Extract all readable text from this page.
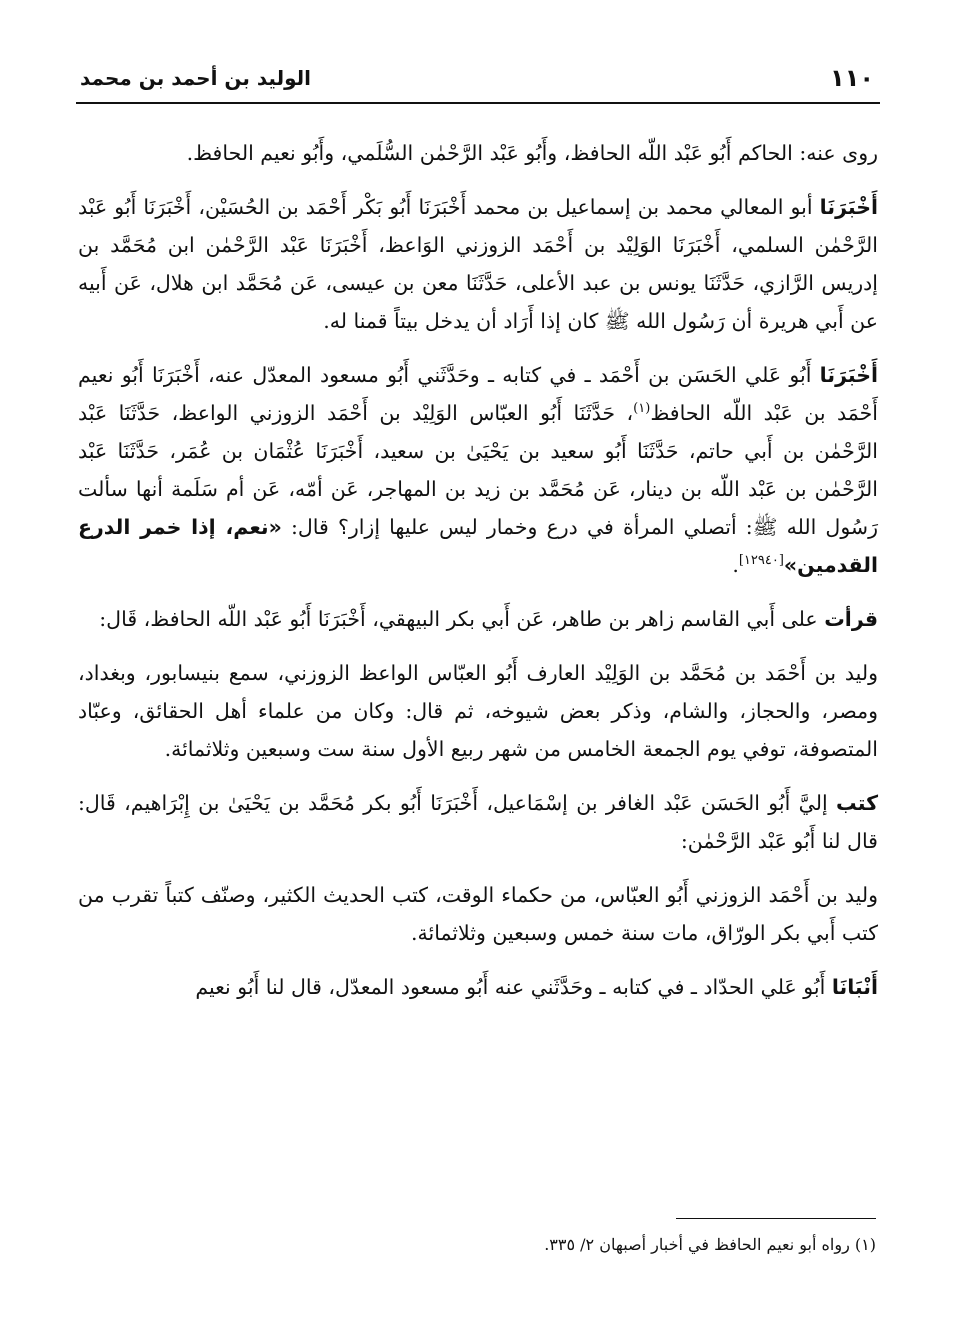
١١٠
الوليد بن أحمد بن محمد

روى عنه: الحاكم أَبُو عَبْد اللّه الحافظ، وأَبُو عَبْد الرَّحْمٰن السُّلَمي، وأَبُو نعيم الحافظ.

أَخْبَرَنَا أبو المعالي محمد بن إسماعيل بن محمد أَخْبَرَنَا أَبُو بَكْر أَحْمَد بن الحُسَيْن، أَخْبَرَنَا أَبُو عَبْد الرَّحْمٰن السلمي، أَخْبَرَنَا الوَلِيْد بن أَحْمَد الزوزني الوَاعظ، أَخْبَرَنَا عَبْد الرَّحْمٰن ابن مُحَمَّد بن إدريس الرَّازي، حَدَّثَنَا يونس بن عبد الأعلى، حَدَّثَنَا معن بن عيسى، عَن مُحَمَّد ابن هلال، عَن أَبيه عن أَبي هريرة أن رَسُول الله ﷺ كان إذا أَرَاد أن يدخل بيتاً قمنا له.

أَخْبَرَنَا أَبُو عَلي الحَسَن بن أَحْمَد ـ في كتابه ـ وحَدَّثَني أَبُو مسعود المعدّل عنه، أَخْبَرَنَا أَبُو نعيم أَحْمَد بن عَبْد اللّه الحافظ$^{(١)}$، حَدَّثَنَا أَبُو العبّاس الوَلِيْد بن أَحْمَد الزوزني الواعظ، حَدَّثَنَا عَبْد الرَّحْمٰن بن أَبي حاتم، حَدَّثَنَا أَبُو سعيد بن يَحْيَىٰ بن سعيد، أَخْبَرَنَا عُثْمَان بن عُمَر، حَدَّثَنَا عَبْد الرَّحْمٰن بن عَبْد اللّه بن دينار، عَن مُحَمَّد بن زيد بن المهاجر، عَن أمّه، عَن أم سَلَمة أنها سألت رَسُول الله ﷺ: أتصلي المرأة في درع وخمار ليس عليها إزار؟ قال: «نعم، إذا خمر الدرع القدمين»[١٢٩٤٠].

قرأت على أَبي القاسم زاهر بن طاهر، عَن أَبي بكر البيهقي، أَخْبَرَنَا أَبُو عَبْد اللّه الحافظ، قَال:

وليد بن أَحْمَد بن مُحَمَّد بن الوَلِيْد العارف أَبُو العبّاس الواعظ الزوزني، سمع بنيسابور، وبغداد، ومصر، والحجاز، والشام، وذكر بعض شيوخه، ثم قال: وكان من علماء أهل الحقائق، وعبّاد المتصوفة، توفي يوم الجمعة الخامس من شهر ربيع الأول سنة ست وسبعين وثلاثمائة.

كتب إليَّ أَبُو الحَسَن عَبْد الغافر بن إسْمَاعيل، أَخْبَرَنَا أَبُو بكر مُحَمَّد بن يَحْيَىٰ بن إِبْرَاهيم، قَال: قال لنا أَبُو عَبْد الرَّحْمٰن:

وليد بن أَحْمَد الزوزني أَبُو العبّاس، من حكماء الوقت، كتب الحديث الكثير، وصنّف كتباً تقرب من كتب أَبي بكر الورّاق، مات سنة خمس وسبعين وثلاثمائة.

أَنْبَانَا أَبُو عَلي الحدّاد ـ في كتابه ـ وحَدَّثَني عنه أَبُو مسعود المعدّل، قال لنا أَبُو نعيم

(١) رواه أبو نعيم الحافظ في أخبار أصبهان ٢/ ٣٣٥.
